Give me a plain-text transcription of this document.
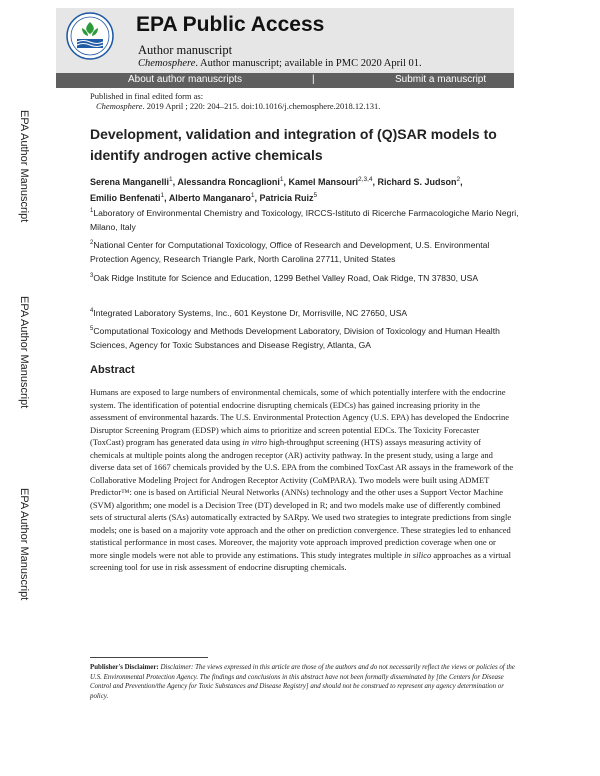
EPA Public Access
Author manuscript
Chemosphere. Author manuscript; available in PMC 2020 April 01.
About author manuscripts	|	Submit a manuscript
Published in final edited form as:
Chemosphere. 2019 April ; 220: 204–215. doi:10.1016/j.chemosphere.2018.12.131.
EPA Author Manuscript
EPA Author Manuscript
EPA Author Manuscript
Development, validation and integration of (Q)SAR models to identify androgen active chemicals
Serena Manganelli$^1$, Alessandra Roncaglioni$^1$, Kamel Mansouri$^{2,3,4}$, Richard S. Judson$^2$,
Emilio Benfenati$^1$, Alberto Manganaro$^1$, Patricia Ruiz$^5$
$^1$Laboratory of Environmental Chemistry and Toxicology, IRCCS-Istituto di Ricerche Farmacologiche Mario Negri, Milano, Italy
$^2$National Center for Computational Toxicology, Office of Research and Development, U.S. Environmental Protection Agency, Research Triangle Park, North Carolina 27711, United States
$^3$Oak Ridge Institute for Science and Education, 1299 Bethel Valley Road, Oak Ridge, TN 37830, USA
$^4$Integrated Laboratory Systems, Inc., 601 Keystone Dr, Morrisville, NC 27650, USA
$^5$Computational Toxicology and Methods Development Laboratory, Division of Toxicology and Human Health Sciences, Agency for Toxic Substances and Disease Registry, Atlanta, GA
Abstract

Humans are exposed to large numbers of environmental chemicals, some of which potentially interfere with the endocrine system. The identification of potential endocrine disrupting chemicals (EDCs) has gained increasing priority in the assessment of environmental hazards. The U.S. Environmental Protection Agency (U.S. EPA) has developed the Endocrine Disruptor Screening Program (EDSP) which aims to prioritize and screen potential EDCs. The Toxicity Forecaster (ToxCast) program has generated data using in vitro high-throughput screening (HTS) assays measuring activity of chemicals at multiple points along the androgen receptor (AR) activity pathway. In the present study, using a large and diverse data set of 1667 chemicals provided by the U.S. EPA from the combined ToxCast AR assays in the framework of the Collaborative Modeling Project for Androgen Receptor Activity (CoMPARA). Two models were built using ADMET Predictor™: one is based on Artificial Neural Networks (ANNs) technology and the other uses a Support Vector Machine (SVM) algorithm; one model is a Decision Tree (DT) developed in R; and two models make use of differently combined sets of structural alerts (SAs) automatically extracted by SARpy. We used two strategies to integrate predictions from single models; one is based on a majority vote approach and the other on prediction convergence. These strategies led to enhanced statistical performance in most cases. Moreover, the majority vote approach improved prediction coverage when one or more single models were not able to provide any estimations. This study integrates multiple in silico approaches as a virtual screening tool for use in risk assessment of endocrine disrupting chemicals.

Publisher's Disclaimer: Disclaimer: The views expressed in this article are those of the authors and do not necessarily reflect the views or policies of the U.S. Environmental Protection Agency. The findings and conclusions in this abstract have not been formally disseminated by [the Centers for Disease Control and Prevention/the Agency for Toxic Substances and Disease Registry] and should not be construed to represent any agency determination or policy.
